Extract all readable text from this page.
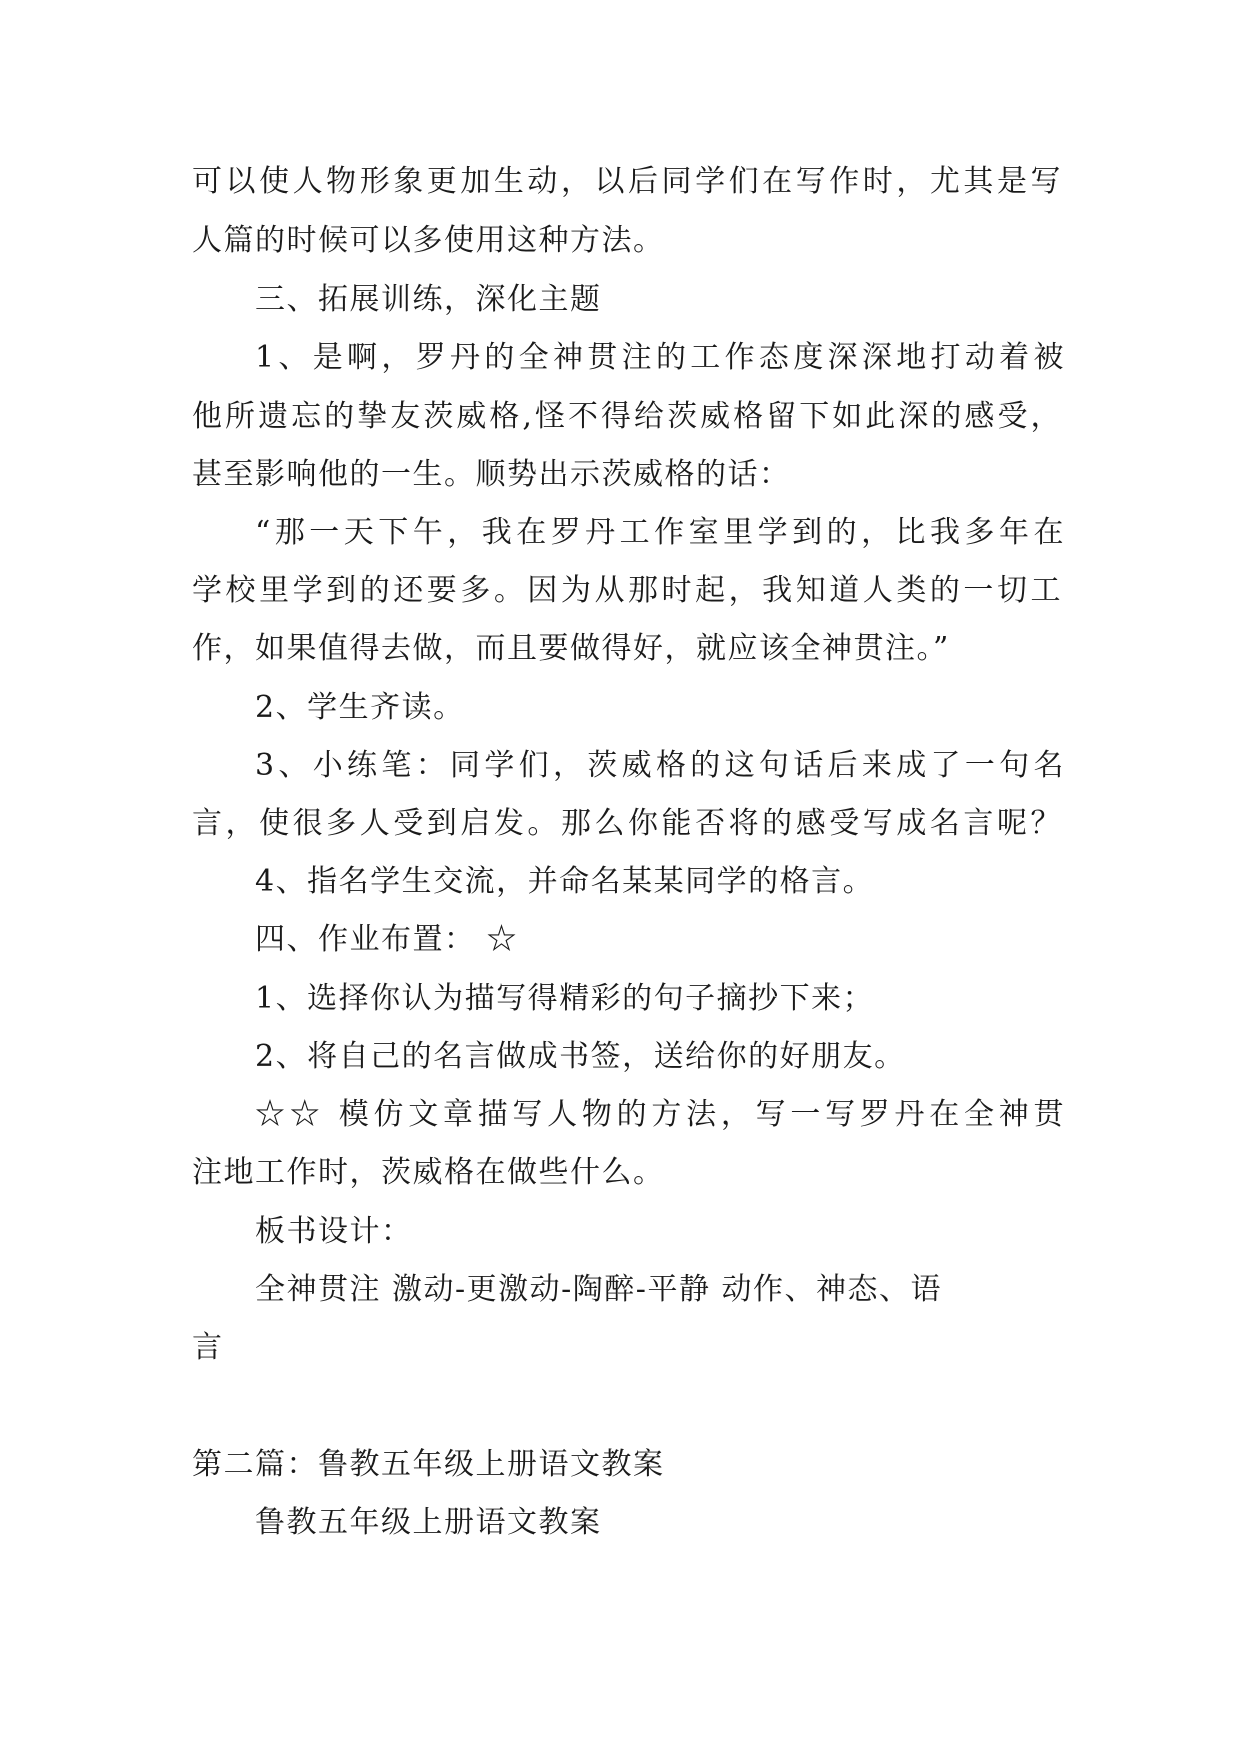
可以使人物形象更加生动，以后同学们在写作时，尤其是写
人篇的时候可以多使用这种方法。
三、拓展训练，深化主题
1、是啊，罗丹的全神贯注的工作态度深深地打动着被
他所遗忘的挚友茨威格,怪不得给茨威格留下如此深的感受，
甚至影响他的一生。顺势出示茨威格的话：
“那一天下午，我在罗丹工作室里学到的，比我多年在
学校里学到的还要多。因为从那时起，我知道人类的一切工
作，如果值得去做，而且要做得好，就应该全神贯注。”
2、学生齐读。
3、小练笔：同学们，茨威格的这句话后来成了一句名
言，使很多人受到启发。那么你能否将的感受写成名言呢？
4、指名学生交流，并命名某某同学的格言。
四、作业布置： ☆
1、选择你认为描写得精彩的句子摘抄下来；
2、将自己的名言做成书签，送给你的好朋友。
☆☆ 模仿文章描写人物的方法，写一写罗丹在全神贯
注地工作时，茨威格在做些什么。
板书设计：
全神贯注 激动-更激动-陶醉-平静 动作、神态、语
言
第二篇：鲁教五年级上册语文教案
鲁教五年级上册语文教案
